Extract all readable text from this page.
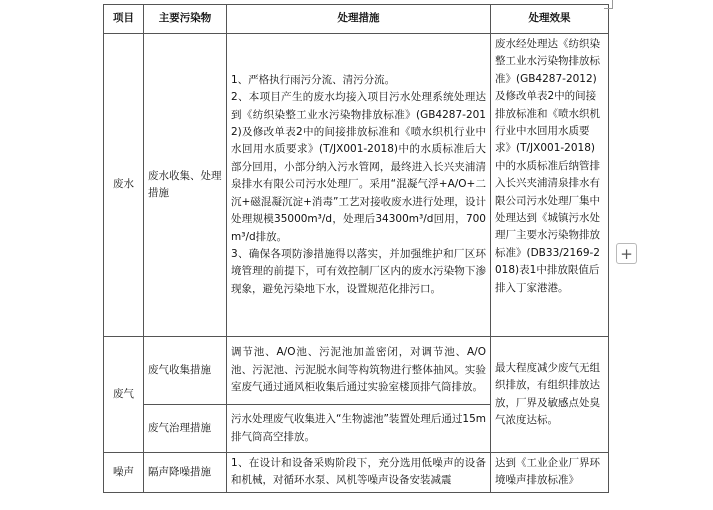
项目	主要污染物	处理措施	处理效果
废水	废水收集、处理措施	1、严格执行雨污分流、清污分流。
2、本项目产生的废水均接入项目污水处理系统处理达到《纺织染整工业水污染物排放标准》(GB4287-2012)及修改单表2中的间接排放标准和《喷水织机行业中水回用水质要求》(T/JX001-2018)中的水质标准后大部分回用，小部分纳入污水管网，最终进入长兴夹浦清泉排水有限公司污水处理厂。采用“混凝气浮+A/O+二沉+磁混凝沉淀+消毒”工艺对接收废水进行处理，设计处理规模35000m³/d，处理后34300m³/d回用，700m³/d排放。
3、确保各项防渗措施得以落实，并加强维护和厂区环境管理的前提下，可有效控制厂区内的废水污染物下渗现象，避免污染地下水，设置规范化排污口。	废水经处理达《纺织染整工业水污染物排放标准》(GB4287-2012)及修改单表2中的间接排放标准和《喷水织机行业中水回用水质要求》(T/JX001-2018)中的水质标准后纳管排入长兴夹浦清泉排水有限公司污水处理厂集中处理达到《城镇污水处理厂主要水污染物排放标准》(DB33/2169-2018)表1中排放限值后排入丁家港港。
废气	废气收集措施	调节池、A/O池、污泥池加盖密闭，对调节池、A/O池、污泥池、污泥脱水间等构筑物进行整体抽风。实验室废气通过通风柜收集后通过实验室楼顶排气筒排放。	最大程度减少废气无组织排放，有组织排放达放，厂界及敏感点处臭气浓度达标。
	废气治理措施	污水处理废气收集进入“生物滤池”装置处理后通过15m排气筒高空排放。	
噪声	隔声降噪措施	1、在设计和设备采购阶段下，充分选用低噪声的设备和机械，对循环水泵、风机等噪声设备安装减震	达到《工业企业厂界环境噪声排放标准》
+
